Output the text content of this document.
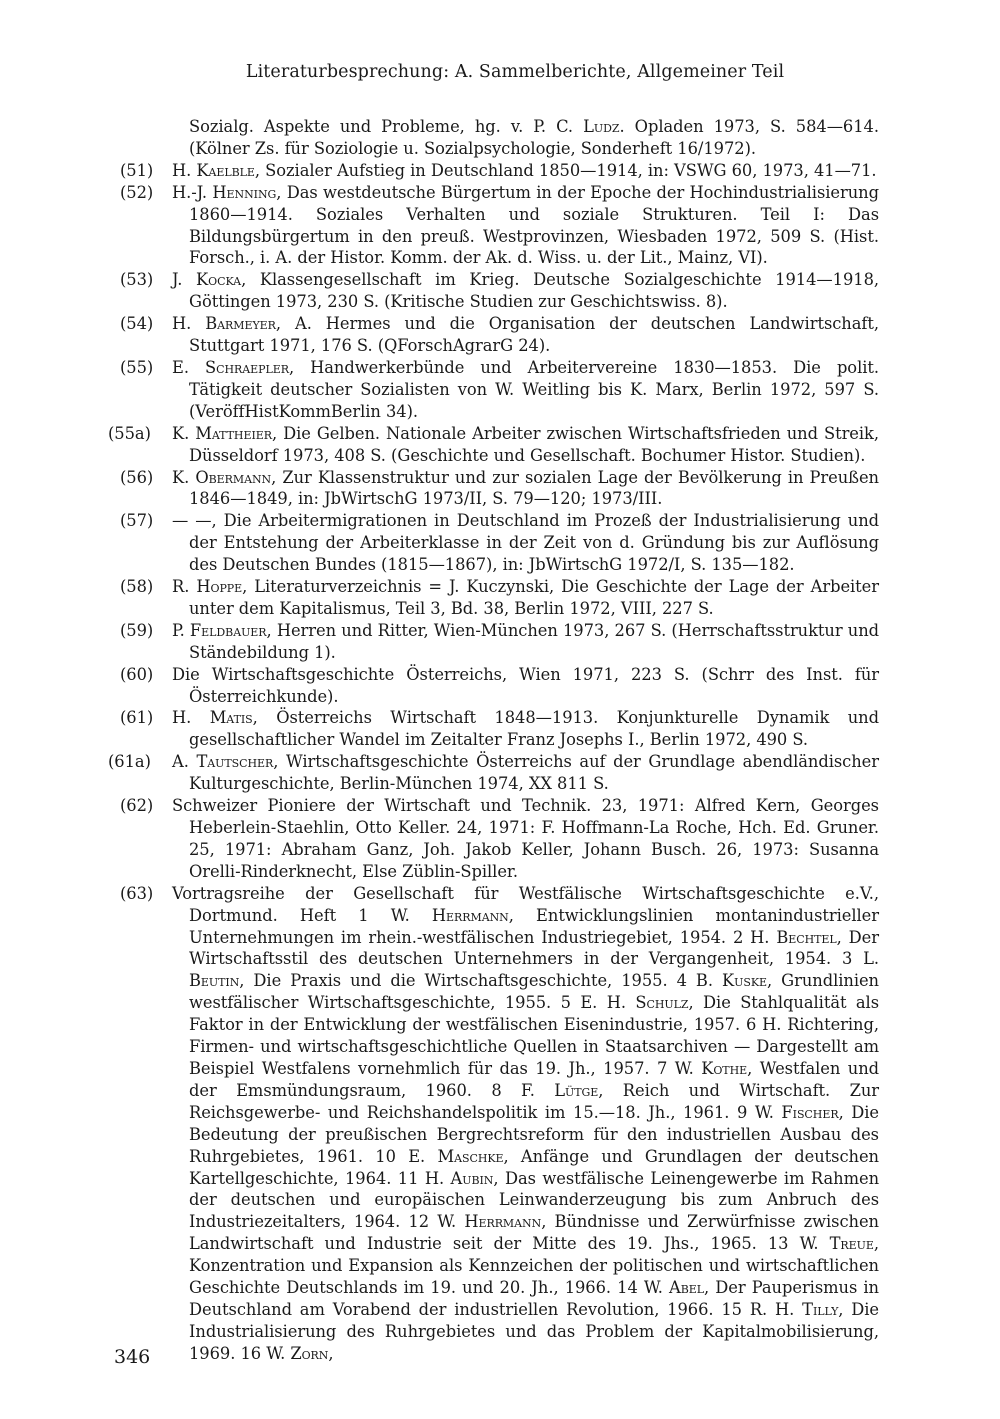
Literaturbesprechung: A. Sammelberichte, Allgemeiner Teil
Sozialg. Aspekte und Probleme, hg. v. P. C. Ludz. Opladen 1973, S. 584—614. (Kölner Zs. für Soziologie u. Sozialpsychologie, Sonderheft 16/1972).
(51)	H. Kaelble, Sozialer Aufstieg in Deutschland 1850—1914, in: VSWG 60, 1973, 41—71.
(52)	H.-J. Henning, Das westdeutsche Bürgertum in der Epoche der Hochindustrialisierung 1860—1914. Soziales Verhalten und soziale Strukturen. Teil I: Das Bildungsbürgertum in den preuß. Westprovinzen, Wiesbaden 1972, 509 S. (Hist. Forsch., i. A. der Histor. Komm. der Ak. d. Wiss. u. der Lit., Mainz, VI).
(53)	J. Kocka, Klassengesellschaft im Krieg. Deutsche Sozialgeschichte 1914—1918, Göttingen 1973, 230 S. (Kritische Studien zur Geschichtswiss. 8).
(54)	H. Barmeyer, A. Hermes und die Organisation der deutschen Landwirtschaft, Stuttgart 1971, 176 S. (QForschAgrarG 24).
(55)	E. Schraepler, Handwerkerbünde und Arbeitervereine 1830—1853. Die polit. Tätigkeit deutscher Sozialisten von W. Weitling bis K. Marx, Berlin 1972, 597 S. (VeröffHistKommBerlin 34).
(55a)	K. Mattheier, Die Gelben. Nationale Arbeiter zwischen Wirtschaftsfrieden und Streik, Düsseldorf 1973, 408 S. (Geschichte und Gesellschaft. Bochumer Histor. Studien).
(56)	K. Obermann, Zur Klassenstruktur und zur sozialen Lage der Bevölkerung in Preußen 1846—1849, in: JbWirtschG 1973/II, S. 79—120; 1973/III.
(57)	— —, Die Arbeitermigrationen in Deutschland im Prozeß der Industrialisierung und der Entstehung der Arbeiterklasse in der Zeit von d. Gründung bis zur Auflösung des Deutschen Bundes (1815—1867), in: JbWirtschG 1972/I, S. 135—182.
(58)	R. Hoppe, Literaturverzeichnis = J. Kuczynski, Die Geschichte der Lage der Arbeiter unter dem Kapitalismus, Teil 3, Bd. 38, Berlin 1972, VIII, 227 S.
(59)	P. Feldbauer, Herren und Ritter, Wien-München 1973, 267 S. (Herrschaftsstruktur und Ständebildung 1).
(60)	Die Wirtschaftsgeschichte Österreichs, Wien 1971, 223 S. (Schrr des Inst. für Österreichkunde).
(61)	H. Matis, Österreichs Wirtschaft 1848—1913. Konjunkturelle Dynamik und gesellschaftlicher Wandel im Zeitalter Franz Josephs I., Berlin 1972, 490 S.
(61a)	A. Tautscher, Wirtschaftsgeschichte Österreichs auf der Grundlage abendländischer Kulturgeschichte, Berlin-München 1974, XX 811 S.
(62)	Schweizer Pioniere der Wirtschaft und Technik. 23, 1971: Alfred Kern, Georges Heberlein-Staehlin, Otto Keller. 24, 1971: F. Hoffmann-La Roche, Hch. Ed. Gruner. 25, 1971: Abraham Ganz, Joh. Jakob Keller, Johann Busch. 26, 1973: Susanna Orelli-Rinderknecht, Else Züblin-Spiller.
(63)	Vortragsreihe der Gesellschaft für Westfälische Wirtschaftsgeschichte e.V., Dortmund. Heft 1 W. Herrmann, Entwicklungslinien montanindustrieller Unternehmungen im rhein.-westfälischen Industriegebiet, 1954. 2 H. Bechtel, Der Wirtschaftsstil des deutschen Unternehmers in der Vergangenheit, 1954. 3 L. Beutin, Die Praxis und die Wirtschaftsgeschichte, 1955. 4 B. Kuske, Grundlinien westfälischer Wirtschaftsgeschichte, 1955. 5 E. H. Schulz, Die Stahlqualität als Faktor in der Entwicklung der westfälischen Eisenindustrie, 1957. 6 H. Richtering, Firmen- und wirtschaftsgeschichtliche Quellen in Staatsarchiven — Dargestellt am Beispiel Westfalens vornehmlich für das 19. Jh., 1957. 7 W. Kothe, Westfalen und der Emsmündungsraum, 1960. 8 F. Lütge, Reich und Wirtschaft. Zur Reichsgewerbe- und Reichshandelspolitik im 15.—18. Jh., 1961. 9 W. Fischer, Die Bedeutung der preußischen Bergrechtsreform für den industriellen Ausbau des Ruhrgebietes, 1961. 10 E. Maschke, Anfänge und Grundlagen der deutschen Kartellgeschichte, 1964. 11 H. Aubin, Das westfälische Leinengewerbe im Rahmen der deutschen und europäischen Leinwanderzeugung bis zum Anbruch des Industriezeitalters, 1964. 12 W. Herrmann, Bündnisse und Zerwürfnisse zwischen Landwirtschaft und Industrie seit der Mitte des 19. Jhs., 1965. 13 W. Treue, Konzentration und Expansion als Kennzeichen der politischen und wirtschaftlichen Geschichte Deutschlands im 19. und 20. Jh., 1966. 14 W. Abel, Der Pauperismus in Deutschland am Vorabend der industriellen Revolution, 1966. 15 R. H. Tilly, Die Industrialisierung des Ruhrgebietes und das Problem der Kapitalmobilisierung, 1969. 16 W. Zorn,
346
